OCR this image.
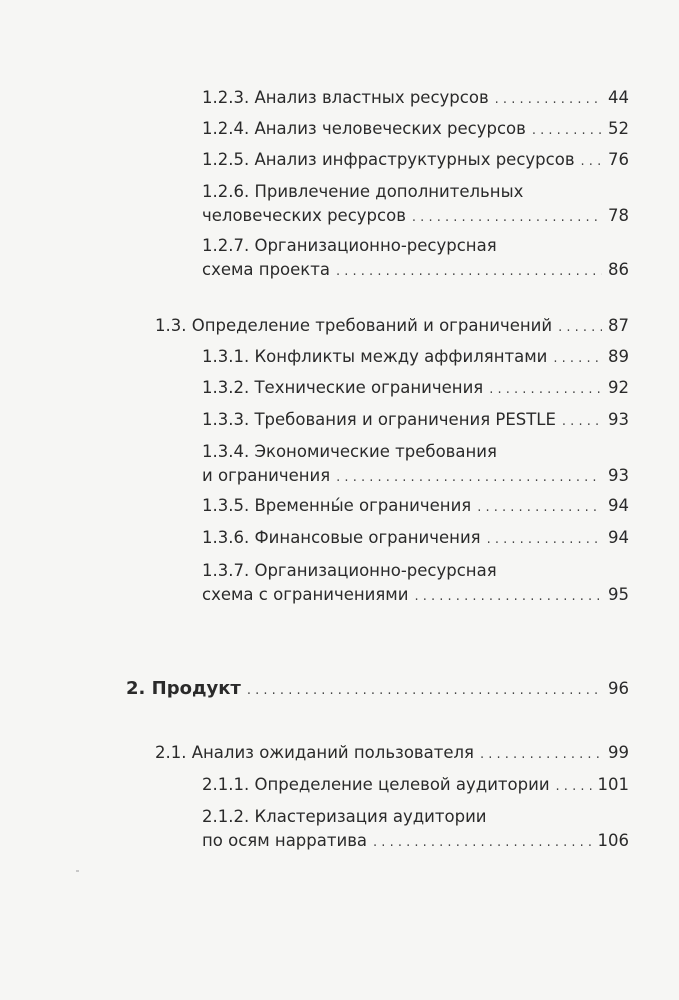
1.2.3. Анализ властных ресурсов . . .	44
1.2.4. Анализ человеческих ресурсов . . .	52
1.2.5. Анализ инфраструктурных ресурсов . . . 76
1.2.6. Привлечение дополнительных
человеческих ресурсов . . .	78
1.2.7. Организационно-ресурсная
схема проекта . . .	86
1.3. Определение требований и ограничений . . .	87
1.3.1. Конфликты между аффилянтами . . .	89
1.3.2. Технические ограничения . . .	92
1.3.3. Требования и ограничения PESTLE . . .	93
1.3.4. Экономические требования
и ограничения . . .	93
1.3.5. Временны́е ограничения . . .	94
1.3.6. Финансовые ограничения . . .	94
1.3.7. Организационно-ресурсная
схема с ограничениями . . .	95
2. Продукт . . .	96
2.1. Анализ ожиданий пользователя . . .	99
2.1.1. Определение целевой аудитории . . .	101
2.1.2. Кластеризация аудитории
по осям нарратива . . .	106
